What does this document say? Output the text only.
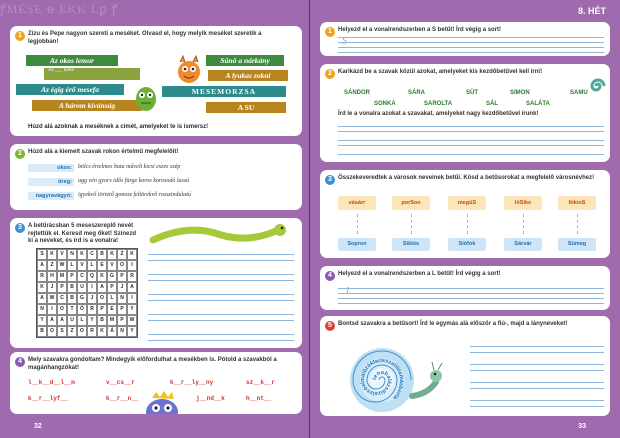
ꝭMÉSE ꝋ EKK Lꝑ ꝭ
1	Zizu és Pepe nagyon szereti a meséket. Olvasd el, hogy melyik meséket szeretik a legjobban!
Az okos lemur
Az ___ holló
Az égig érő mesefa
A három kívánság
Sünö a nárkány
A lyukas zokni
MESEMORZSA
A SU
Húzd alá azoknak a meséknek a címét, amelyeket te is ismersz!
2	Húzd alá a kiemelt szavak rokon értelmű megfelelőit!
okos:	bölcs értelmes buta művelt kicsi eszes szép
öreg:	agg vén gyors idős fürge koros korosodó lassú
nagyravágyó:	igyekvő törtető gonosz feltörekvő rosszindulatú
3	A betűrácsban 5 meseszereplő nevét rejtettük el. Keresd meg őket! Színezd ki a neveket, és írd is a vonalra!
S	K	V	N	K	C	B	K	Z	K
A	Z	W	L	V	L	E	V	O	I
R	H	M	P	C	Q	K	G	P	R
K	J	P	B	U	I	A	P	J	A
A	W	C	B	G	J	O	L	N	I
N	I	O	T	Ö	R	P	E	P	Y
Y	A	A	U	L	Y	B	M	P	W
B	O	S	Z	O	R	K	Á	N	Y
4	Mely szavakra gondoltam? Mindegyik előfordulhat a mesékben is. Pótold a szavakból a magánhangzókat!
l__k__d__l__m	v__cs__r	k__r__ly__ny	sz__k__r
k__r__lyf__	k__r__n__	j__nd__k	h__nt__
32
8. HÉT
1	Helyezd el a vonalrendszerben a S betűt! Írd végig a sort!
S
2	Karikázd be a szavak közül azokat, amelyeket kis kezdőbetűvel kell írni!
SÁNDOR	SÁRA	SÜT	SIMON	SAMU
SONKA	SAROLTA	SÁL	SALÁTA
Írd le a vonalra azokat a szavakat, amelyeket nagy kezdőbetűvel írunk!
3	Összekeveredtek a városok neveinek betűi. Kösd a betűsorokat a megfelelő városnévhez!
vásárr	porSon	megüS	lóSiks	fókioS
Sopron	Siklós	Siófok	Sárvár	Sümeg
4	Helyezd el a vonalrendszerben a L betűt! Írd végig a sort!
L
5	Bontsd szavakra a betűsort! Írd le egymás alá először a fiú-, majd a lányneveket!
lenabalázsdizsizsóalmalázóklarisszalilitamásberta
33
